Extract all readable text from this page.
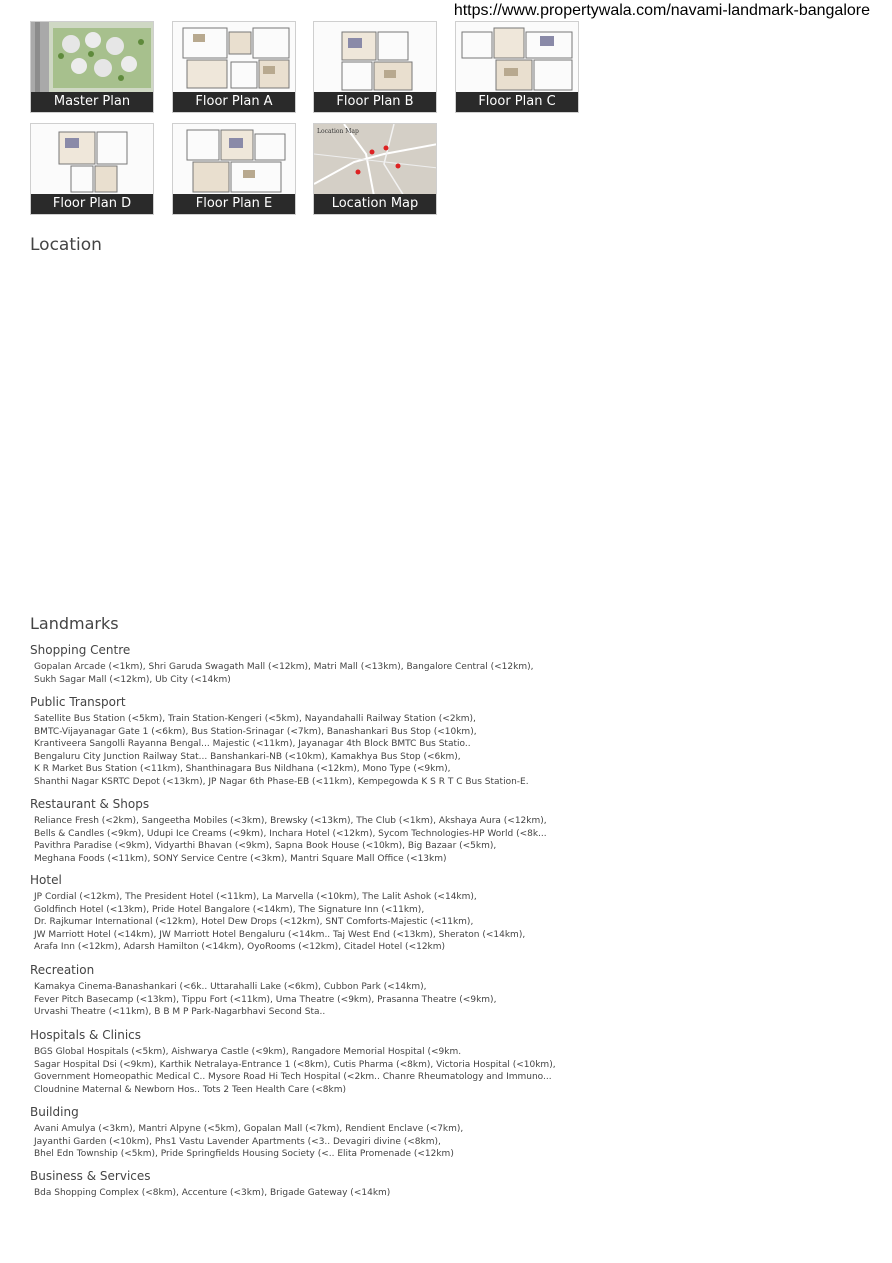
https://www.propertywala.com/navami-landmark-bangalore
Master Plan	Floor Plan A	Floor Plan B	Floor Plan C
Floor Plan D	Floor Plan E
Location Map
Location Map
Location
Landmarks
Shopping Centre
Gopalan Arcade (<1km), Shri Garuda Swagath Mall (<12km), Matri Mall (<13km), Bangalore Central (<12km),
Sukh Sagar Mall (<12km), Ub City (<14km)
Public Transport
Satellite Bus Station (<5km), Train Station-Kengeri (<5km), Nayandahalli Railway Station (<2km),
BMTC-Vijayanagar Gate 1 (<6km), Bus Station-Srinagar (<7km), Banashankari Bus Stop (<10km),
Krantiveera Sangolli Rayanna Bengal... Majestic (<11km), Jayanagar 4th Block BMTC Bus Statio..
Bengaluru City Junction Railway Stat... Banshankari-NB (<10km), Kamakhya Bus Stop (<6km),
K R Market Bus Station (<11km), Shanthinagara Bus Nildhana (<12km), Mono Type (<9km),
Shanthi Nagar KSRTC Depot (<13km), JP Nagar 6th Phase-EB (<11km), Kempegowda K S R T C Bus Station-E.
Restaurant & Shops
Reliance Fresh (<2km), Sangeetha Mobiles (<3km), Brewsky (<13km), The Club (<1km), Akshaya Aura (<12km),
Bells & Candles (<9km), Udupi Ice Creams (<9km), Inchara Hotel (<12km), Sycom Technologies-HP World (<8k...
Pavithra Paradise (<9km), Vidyarthi Bhavan (<9km), Sapna Book House (<10km), Big Bazaar (<5km),
Meghana Foods (<11km), SONY Service Centre (<3km), Mantri Square Mall Office (<13km)
Hotel
JP Cordial (<12km), The President Hotel (<11km), La Marvella (<10km), The Lalit Ashok (<14km),
Goldfinch Hotel (<13km), Pride Hotel Bangalore (<14km), The Signature Inn (<11km),
Dr. Rajkumar International (<12km), Hotel Dew Drops (<12km), SNT Comforts-Majestic (<11km),
JW Marriott Hotel (<14km), JW Marriott Hotel Bengaluru (<14km.. Taj West End (<13km), Sheraton (<14km),
Arafa Inn (<12km), Adarsh Hamilton (<14km), OyoRooms (<12km), Citadel Hotel (<12km)
Recreation
Kamakya Cinema-Banashankari (<6k.. Uttarahalli Lake (<6km), Cubbon Park (<14km),
Fever Pitch Basecamp (<13km), Tippu Fort (<11km), Uma Theatre (<9km), Prasanna Theatre (<9km),
Urvashi Theatre (<11km), B B M P Park-Nagarbhavi Second Sta..
Hospitals & Clinics
BGS Global Hospitals (<5km), Aishwarya Castle (<9km), Rangadore Memorial Hospital (<9km.
Sagar Hospital Dsi (<9km), Karthik Netralaya-Entrance 1 (<8km), Cutis Pharma (<8km), Victoria Hospital (<10km),
Government Homeopathic Medical C.. Mysore Road Hi Tech Hospital (<2km.. Chanre Rheumatology and Immuno...
Cloudnine Maternal & Newborn Hos.. Tots 2 Teen Health Care (<8km)
Building
Avani Amulya (<3km), Mantri Alpyne (<5km), Gopalan Mall (<7km), Rendient Enclave (<7km),
Jayanthi Garden (<10km), Phs1 Vastu Lavender Apartments (<3.. Devagiri divine (<8km),
Bhel Edn Township (<5km), Pride Springfields Housing Society (<.. Elita Promenade (<12km)
Business & Services
Bda Shopping Complex (<8km), Accenture (<3km), Brigade Gateway (<14km)
